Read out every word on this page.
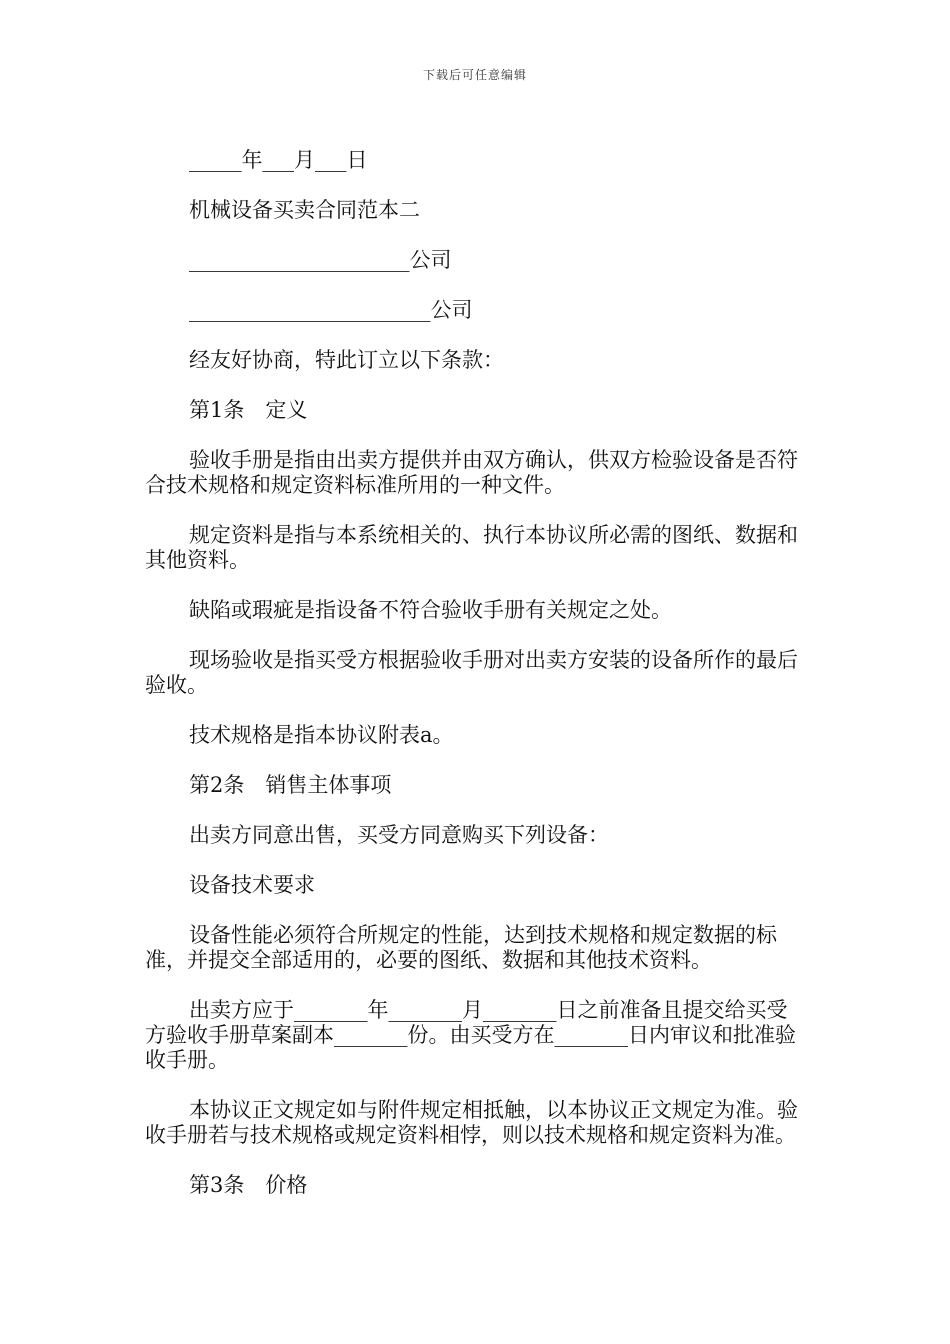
下载后可任意编辑

_____年___月___日

机械设备买卖合同范本二

_____________________公司

_______________________公司

经友好协商，特此订立以下条款：

第1条　定义

验收手册是指由出卖方提供并由双方确认，供双方检验设备是否符合技术规格和规定资料标准所用的一种文件。

规定资料是指与本系统相关的、执行本协议所必需的图纸、数据和其他资料。

缺陷或瑕疵是指设备不符合验收手册有关规定之处。

现场验收是指买受方根据验收手册对出卖方安装的设备所作的最后验收。

技术规格是指本协议附表a。

第2条　销售主体事项

出卖方同意出售，买受方同意购买下列设备：

设备技术要求

设备性能必须符合所规定的性能，达到技术规格和规定数据的标准，并提交全部适用的，必要的图纸、数据和其他技术资料。

出卖方应于_______年_______月_______日之前准备且提交给买受方验收手册草案副本_______份。由买受方在_______日内审议和批准验收手册。

本协议正文规定如与附件规定相抵触，以本协议正文规定为准。验收手册若与技术规格或规定资料相悖，则以技术规格和规定资料为准。

第3条　价格
